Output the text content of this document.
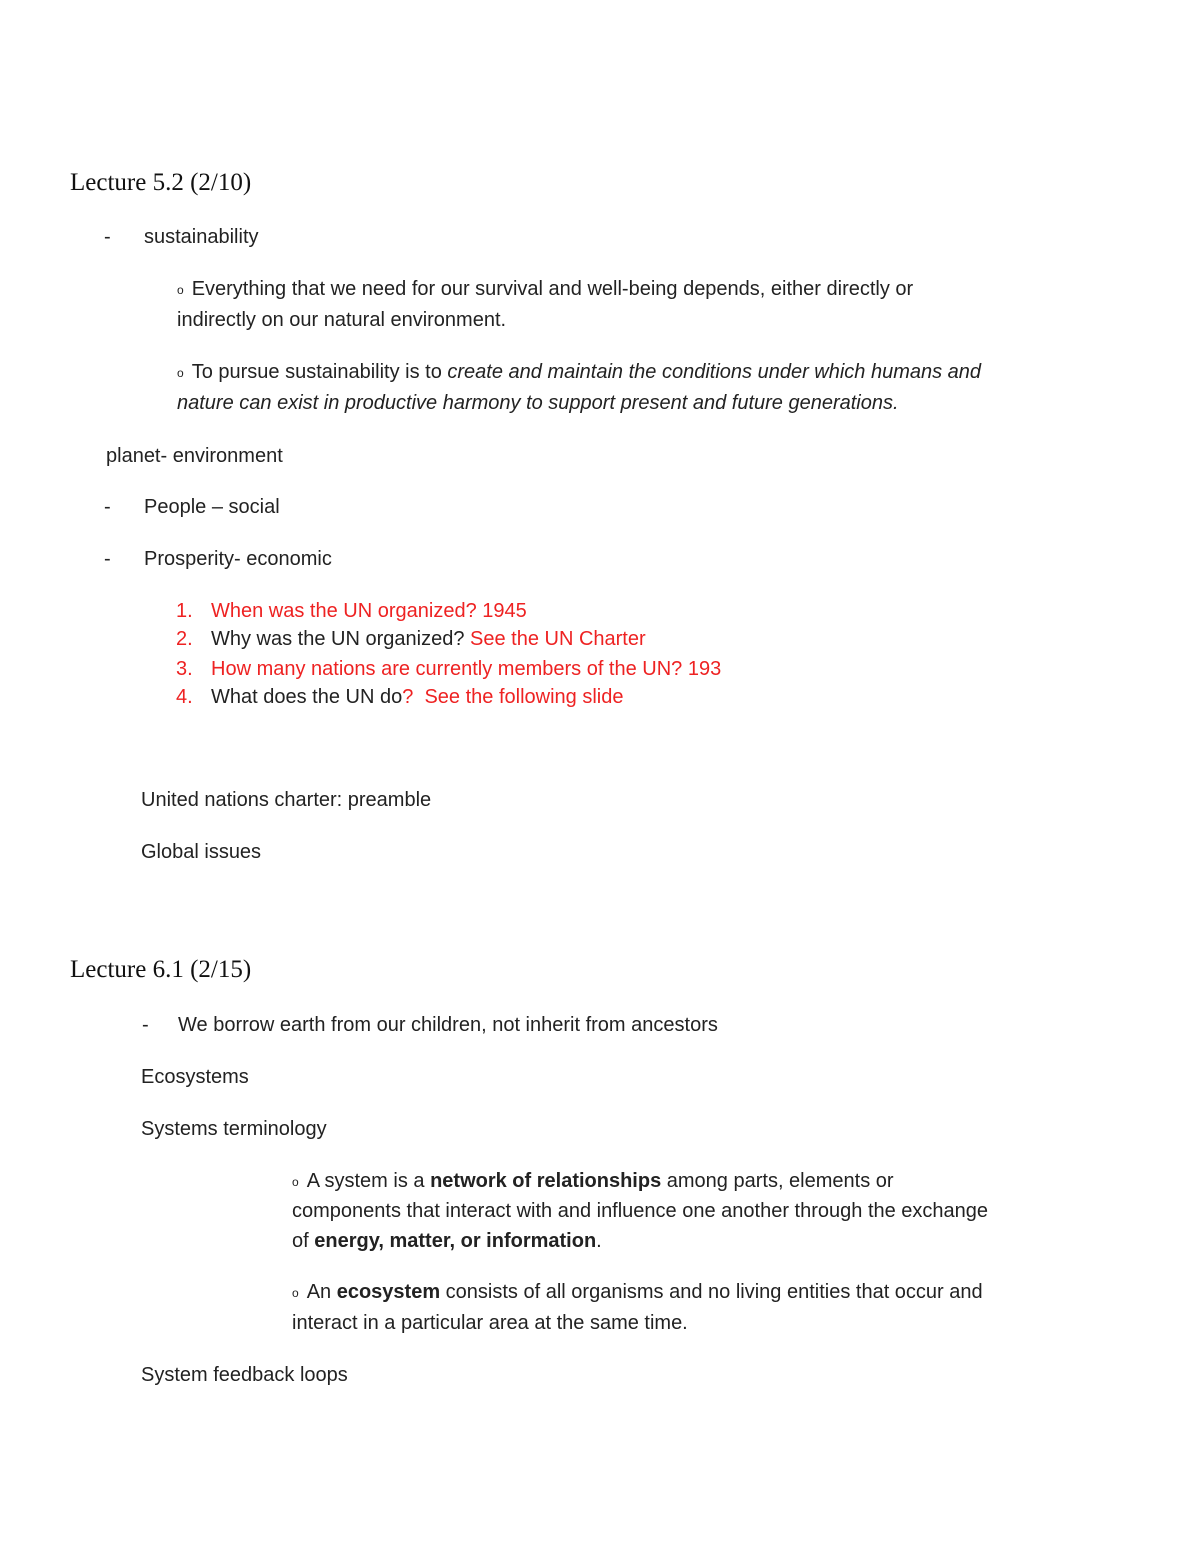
Lecture 5.2 (2/10)
- sustainability
o Everything that we need for our survival and well-being depends, either directly or
indirectly on our natural environment.
o To pursue sustainability is to create and maintain the conditions under which humans and
nature can exist in productive harmony to support present and future generations.
planet- environment
- People – social
- Prosperity- economic
1. When was the UN organized? 1945
2. Why was the UN organized? See the UN Charter
3. How many nations are currently members of the UN? 193
4. What does the UN do?  See the following slide
United nations charter: preamble
Global issues
Lecture 6.1 (2/15)
- We borrow earth from our children, not inherit from ancestors
Ecosystems
Systems terminology
o A system is a network of relationships among parts, elements or
components that interact with and influence one another through the exchange
of energy, matter, or information.
o An ecosystem consists of all organisms and no living entities that occur and
interact in a particular area at the same time.
System feedback loops
